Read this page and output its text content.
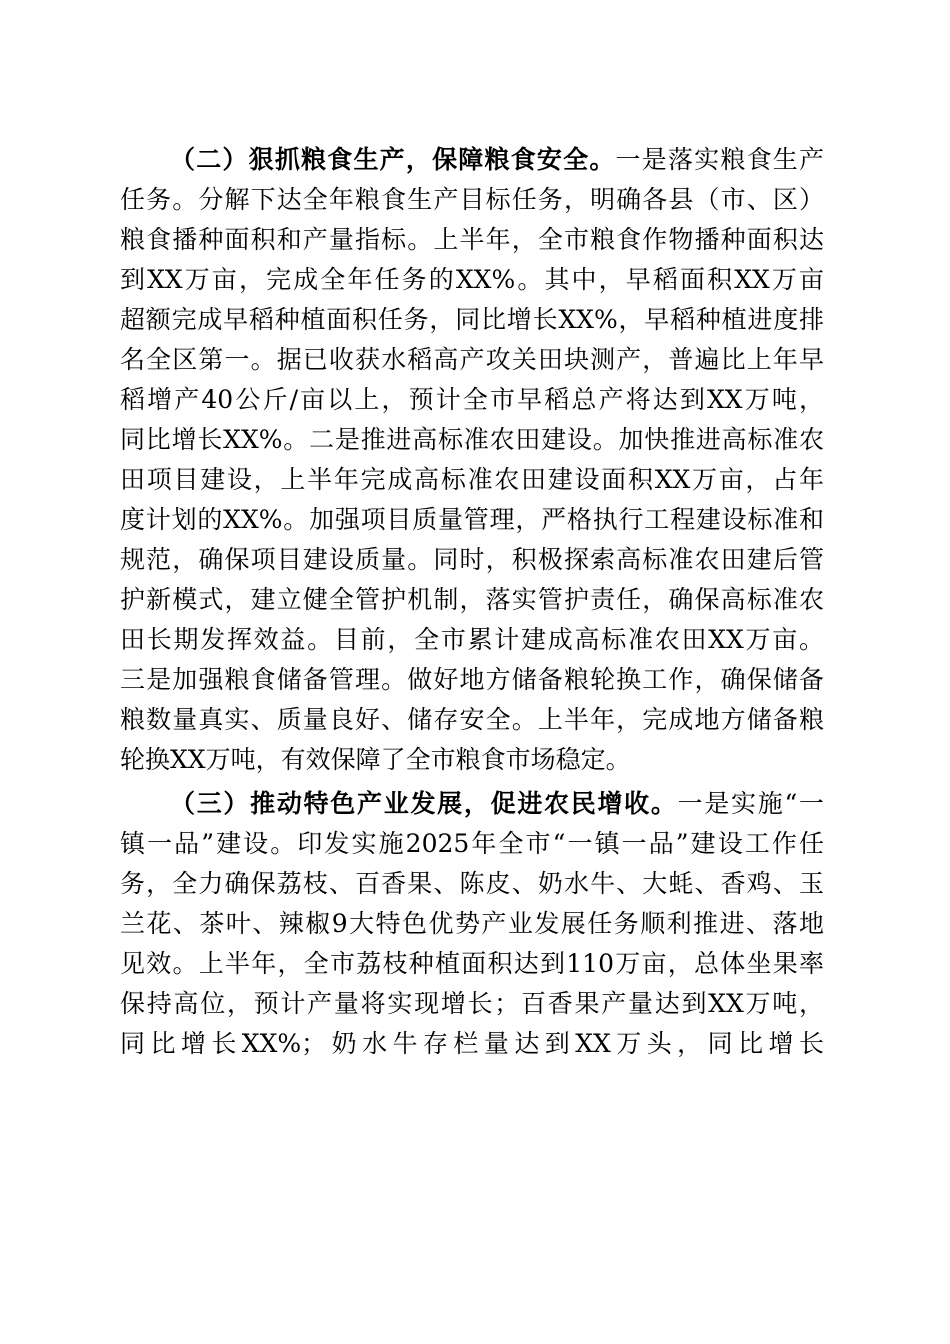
（二）狠抓粮食生产，保障粮食安全。一是落实粮食生产
任务。分解下达全年粮食生产目标任务，明确各县（市、区）
粮食播种面积和产量指标。上半年，全市粮食作物播种面积达
到XX万亩，完成全年任务的XX%。其中，早稻面积XX万亩
超额完成早稻种植面积任务，同比增长XX%，早稻种植进度排
名全区第一。据已收获水稻高产攻关田块测产，普遍比上年早
稻增产40公斤/亩以上，预计全市早稻总产将达到XX万吨，
同比增长XX%。二是推进高标准农田建设。加快推进高标准农
田项目建设，上半年完成高标准农田建设面积XX万亩，占年
度计划的XX%。加强项目质量管理，严格执行工程建设标准和
规范，确保项目建设质量。同时，积极探索高标准农田建后管
护新模式，建立健全管护机制，落实管护责任，确保高标准农
田长期发挥效益。目前，全市累计建成高标准农田XX万亩。
三是加强粮食储备管理。做好地方储备粮轮换工作，确保储备
粮数量真实、质量良好、储存安全。上半年，完成地方储备粮
轮换XX万吨，有效保障了全市粮食市场稳定。
（三）推动特色产业发展，促进农民增收。一是实施“一
镇一品”建设。印发实施2025年全市“一镇一品”建设工作任
务，全力确保荔枝、百香果、陈皮、奶水牛、大蚝、香鸡、玉
兰花、茶叶、辣椒9大特色优势产业发展任务顺利推进、落地
见效。上半年，全市荔枝种植面积达到110万亩，总体坐果率
保持高位，预计产量将实现增长；百香果产量达到XX万吨，
同比增长XX%；奶水牛存栏量达到XX万头，同比增长
